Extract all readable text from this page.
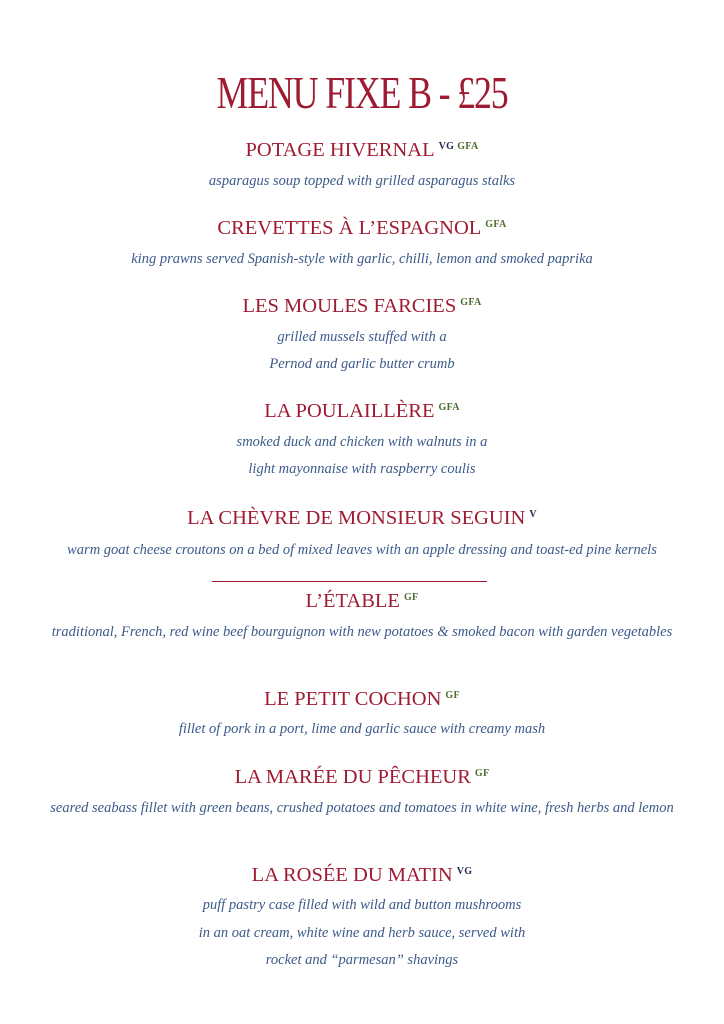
MENU FIXE B - £25
POTAGE HIVERNAL $^{VG}$ $^{GFA}$

asparagus soup topped with grilled asparagus stalks

CREVETTES À L’ESPAGNOL $^{GFA}$

king prawns served Spanish-style with garlic, chilli, lemon and smoked paprika

LES MOULES FARCIES $^{GFA}$

grilled mussels stuffed with a

Pernod and garlic butter crumb

LA POULAILLÈRE $^{GFA}$

smoked duck and chicken with walnuts in a

light mayonnaise with raspberry coulis

LA CHÈVRE DE MONSIEUR SEGUIN $^V$

warm goat cheese croutons on a bed of mixed leaves with an apple dressing and toast-ed pine kernels

L’ÉTABLE $^{GF}$

traditional, French, red wine beef bourguignon with new potatoes & smoked bacon with garden vegetables

LE PETIT COCHON $^{GF}$

fillet of pork in a port, lime and garlic sauce with creamy mash

LA MARÉE DU PÊCHEUR $^{GF}$

seared seabass fillet with green beans, crushed potatoes and tomatoes in white wine, fresh herbs and lemon

LA ROSÉE DU MATIN $^{VG}$

puff pastry case filled with wild and button mushrooms

in an oat cream, white wine and herb sauce, served with

rocket and “parmesan” shavings
